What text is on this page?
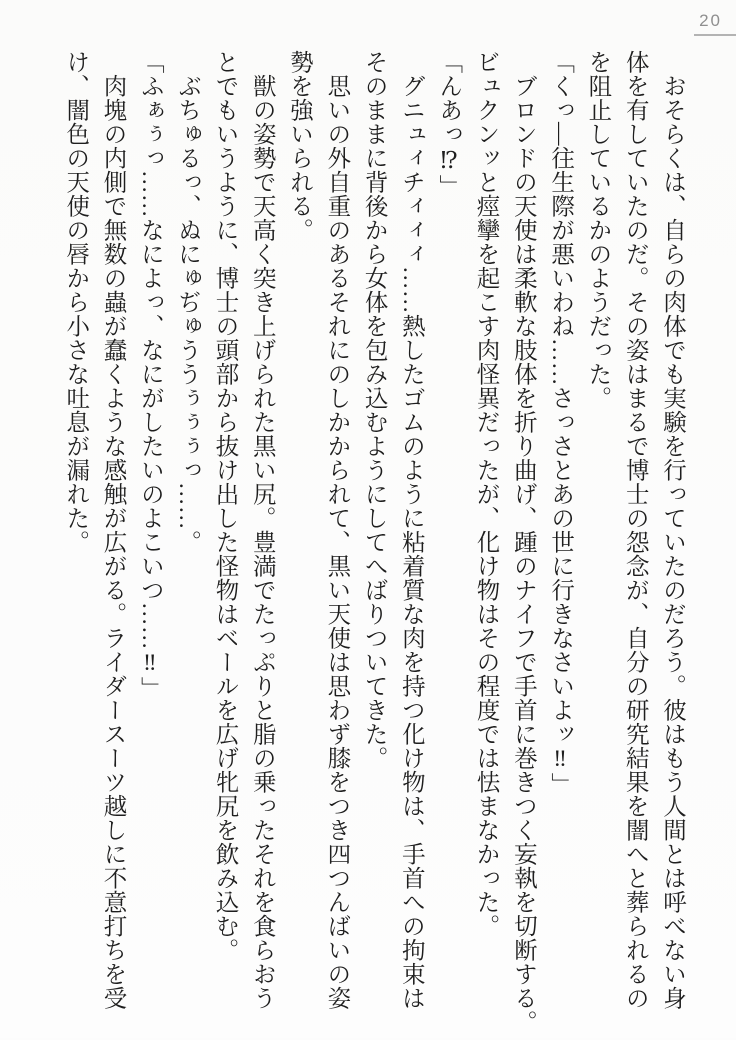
20

　おそらくは、自らの肉体でも実験を行っていたのだろう。彼はもう人間とは呼べない身

体を有していたのだ。その姿はまるで博士の怨念が、自分の研究結果を闇へと葬られるの

を阻止しているかのようだった。

「くっ―往生際が悪いわね……さっさとあの世に行きなさいよッ‼」

　ブロンドの天使は柔軟な肢体を折り曲げ、踵のナイフで手首に巻きつく妄執を切断する。

ビュクンッと痙攣を起こす肉怪異だったが、化け物はその程度では怯まなかった。

「んあっ⁉」

　グニュィチィィィ……熱したゴムのように粘着質な肉を持つ化け物は、手首への拘束は

そのままに背後から女体を包み込むようにしてへばりついてきた。

　思いの外自重のあるそれにのしかかられて、黒い天使は思わず膝をつき四つんばいの姿

勢を強いられる。

　獣の姿勢で天高く突き上げられた黒い尻。豊満でたっぷりと脂の乗ったそれを食らおう

とでもいうように、博士の頭部から抜け出した怪物はベールを広げ牝尻を飲み込む。

　ぶちゅるっ、ぬにゅぢゅううぅぅぅっ……。

「ふぁぅっ……なによっ、なにがしたいのよこいつ……‼」

　肉塊の内側で無数の蟲が蠢くような感触が広がる。ライダースーツ越しに不意打ちを受

け、闇色の天使の唇から小さな吐息が漏れた。
